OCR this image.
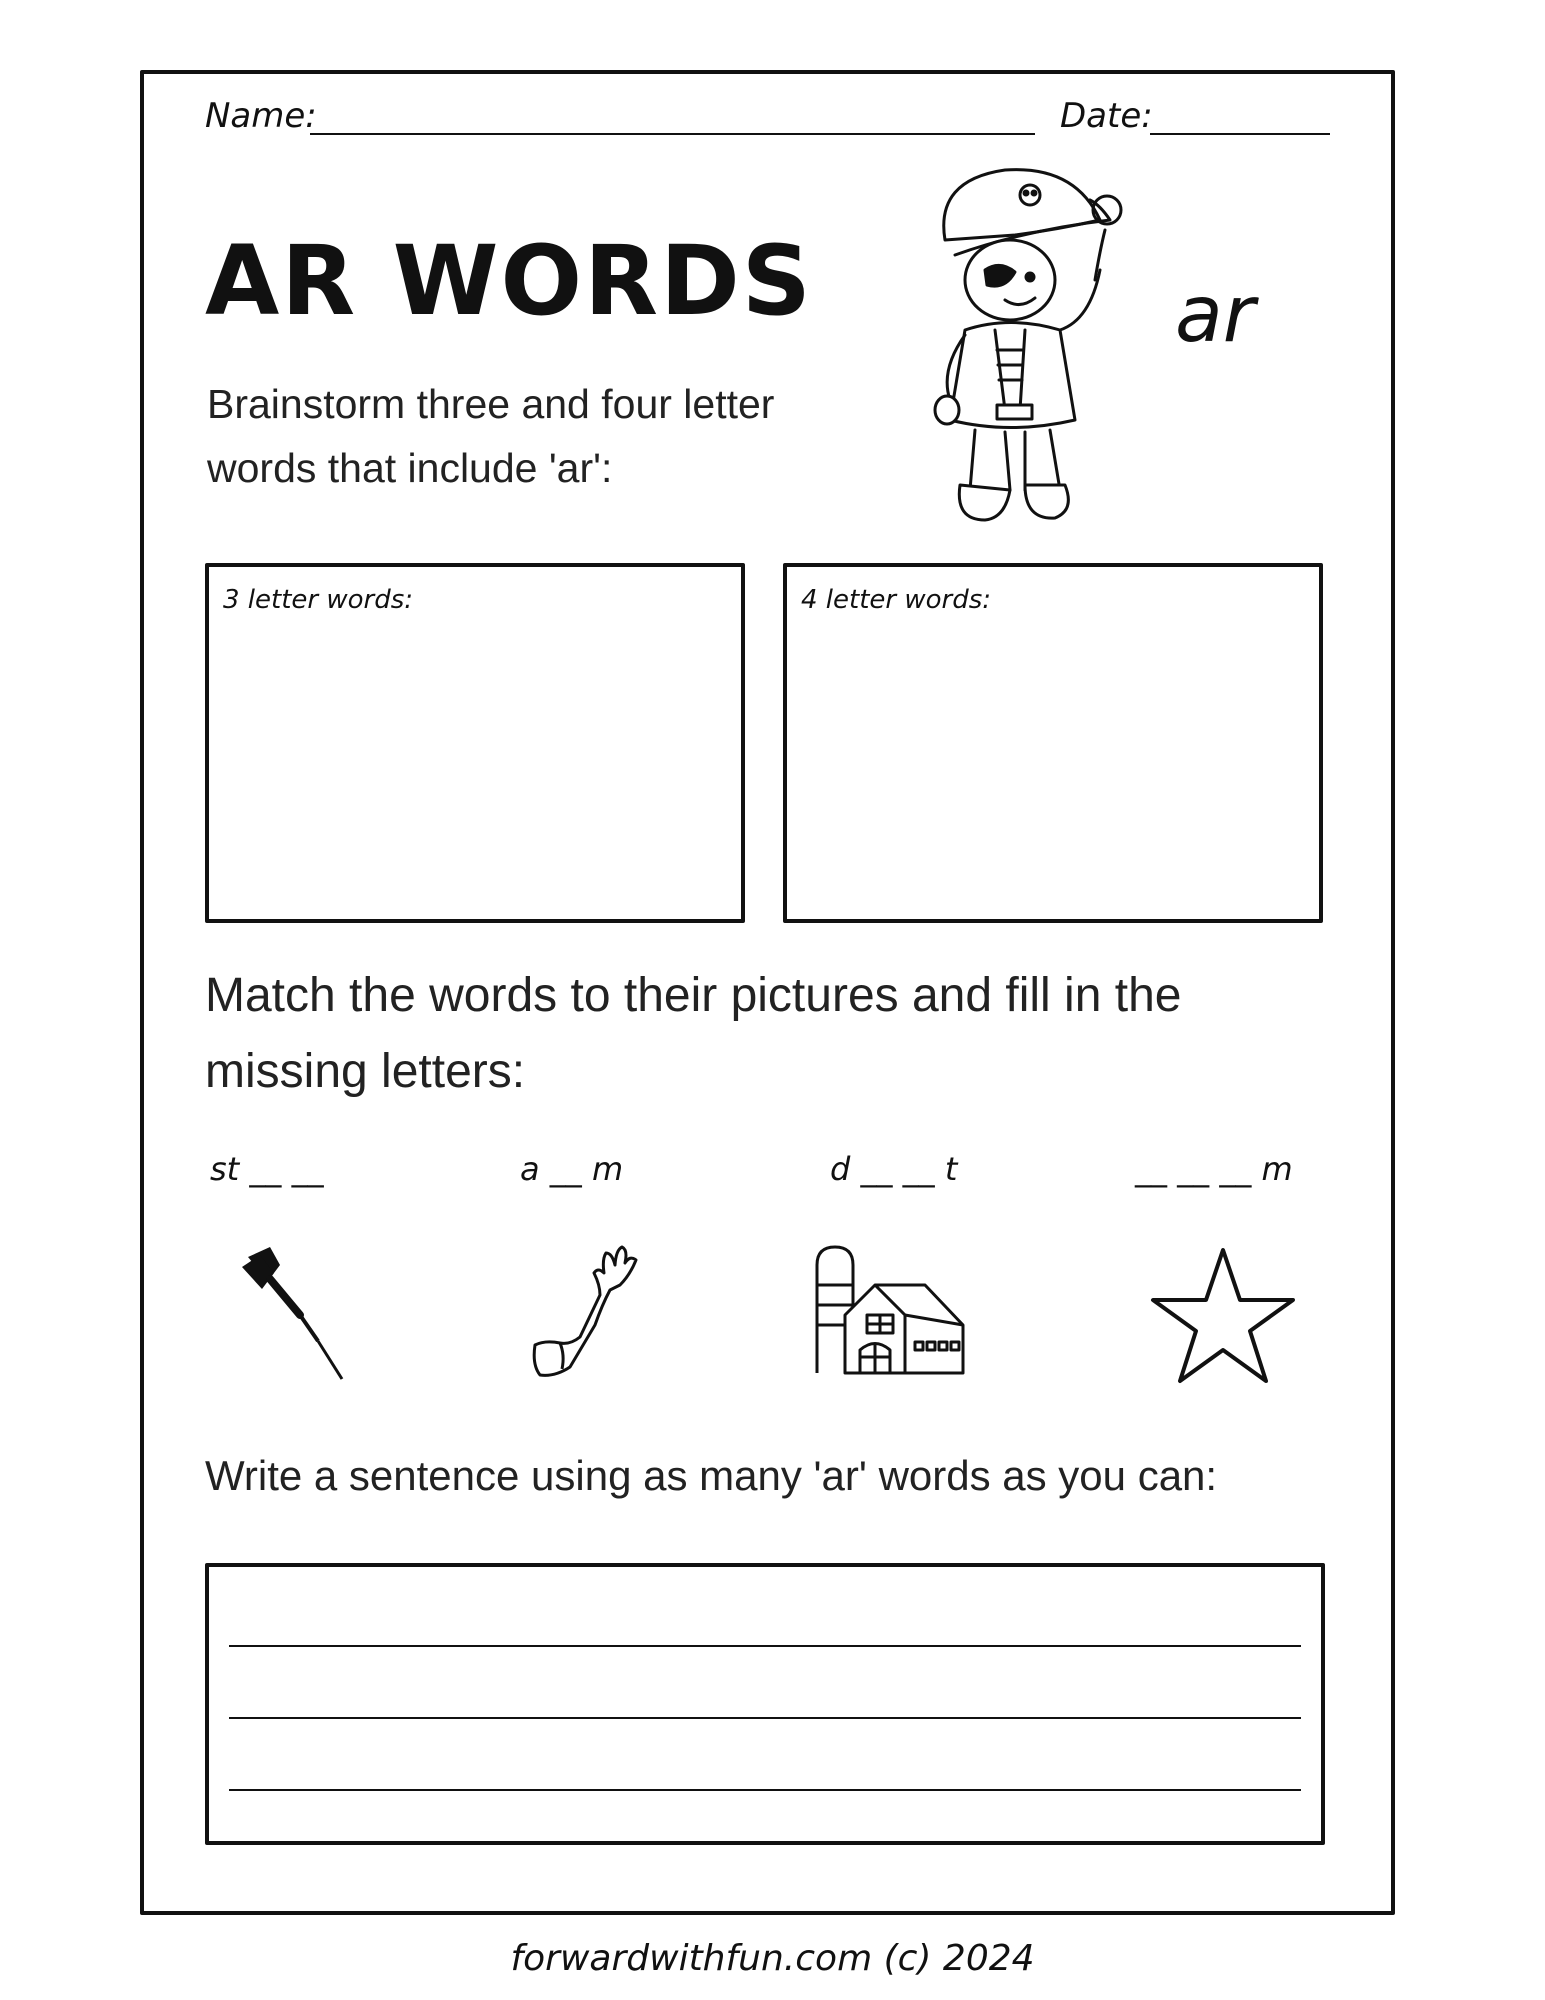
Name:	Date:
AR WORDS
Brainstorm three and four letter
words that include 'ar':
ar
3 letter words:	4 letter words:
Match the words to their pictures and fill in the
missing letters:
st __ __	a __ m	d __ __ t	__ __ __ m
Write a sentence using as many 'ar' words as you can:
forwardwithfun.com (c) 2024
